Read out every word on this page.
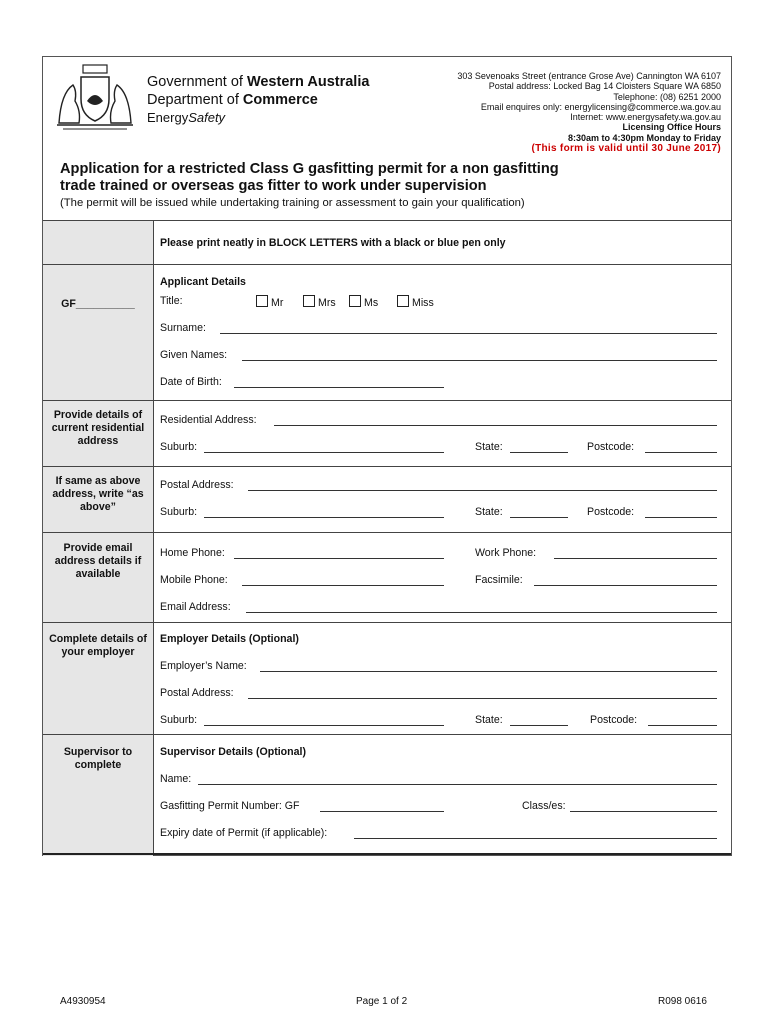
Government of Western Australia
Department of Commerce
EnergySafety
303 Sevenoaks Street (entrance Grose Ave) Cannington WA 6107
Postal address: Locked Bag 14 Cloisters Square WA 6850
Telephone: (08) 6251 2000
Email enquires only: energylicensing@commerce.wa.gov.au
Internet: www.energysafety.wa.gov.au
Licensing Office Hours
8:30am to 4:30pm Monday to Friday
(This form is valid until 30 June 2017)
Application for a restricted Class G gasfitting permit for a non gasfitting
trade trained or overseas gas fitter to work under supervision
(The permit will be issued while undertaking training or assessment to gain your qualification)
Please print neatly in BLOCK LETTERS with a black or blue pen only
GF__________
Applicant Details
Title:	Mr	Mrs	Ms	Miss
Surname:
Given Names:
Date of Birth:
Provide details of current residential address
Residential Address:
Suburb:	State:	Postcode:
If same as above address, write “as above”
Postal Address:
Suburb:	State:	Postcode:
Provide email address details if available
Home Phone:	Work Phone:
Mobile Phone:	Facsimile:
Email Address:
Complete details of your employer
Employer Details (Optional)
Employer’s Name:
Postal Address:
Suburb:	State:	Postcode:
Supervisor to complete
Supervisor Details (Optional)
Name:
Gasfitting Permit Number: GF	Class/es:
Expiry date of Permit (if applicable):
A4930954	Page 1 of 2	R098 0616
